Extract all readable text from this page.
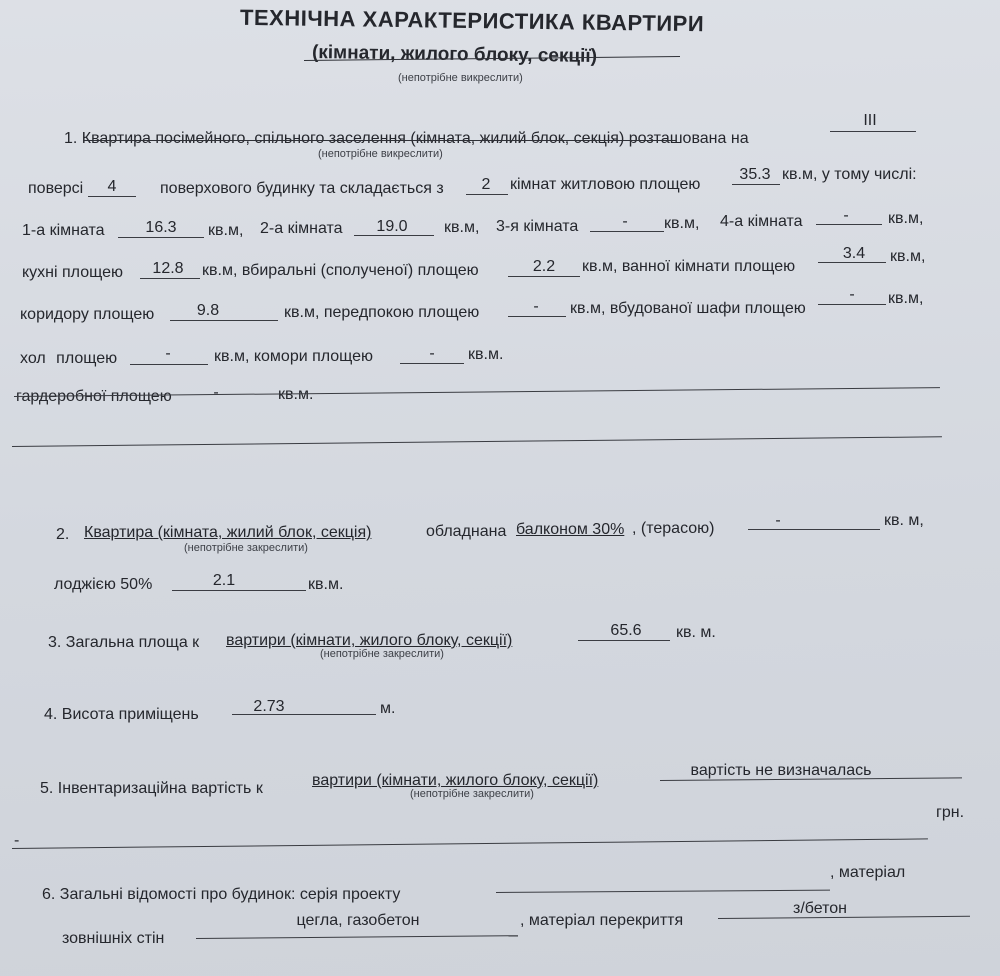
ТЕХНІЧНА ХАРАКТЕРИСТИКА КВАРТИРИ
(кімнати, жилого блоку, секції)
(непотрібне викреслити)
1. Квартира посімейного, спільного заселення (кімната, жилий блок, секція) розташована на
ІІІ
(непотрібне викреслити)
поверсі	4	поверхового будинку та складається з	2	кімнат житловою площею
35.3 кв.м, у тому числі:
1-а кімната	16.3	кв.м, 2-а кімната	19.0	кв.м, 3-я кімната	-	кв.м, 4-а кімната	-	кв.м,
кухні площею	12.8	кв.м, вбиральні (сполученої) площею	2.2	кв.м, ванної кімнати площею
3.4	кв.м,
коридору площею	9.8	кв.м, передпокою площею	-	кв.м, вбудованої шафи площею
-	кв.м,
хол площею	-	кв.м, комори площею	-	кв.м.
гардеробної площею	-	кв.м.
2. Квартира (кімната, жилий блок, секція)	обладнана балконом 30% , (терасою)	-	кв. м,
(непотрібне закреслити)
лоджією 50%	2.1	кв.м.
3. Загальна площа к вартири (кімнати, жилого блоку, секції)
(непотрібне закреслити)
65.6	кв. м.
4. Висота приміщень	2.73	м.
5. Інвентаризаційна вартість к	вартири (кімнати, жилого блоку, секції)
(непотрібне закреслити)
вартість не визначалась
-
грн.
6. Загальні відомості про будинок: серія проекту
, матеріал
зовнішніх стін
цегла, газобетон	, матеріал перекриття
з/бетон
